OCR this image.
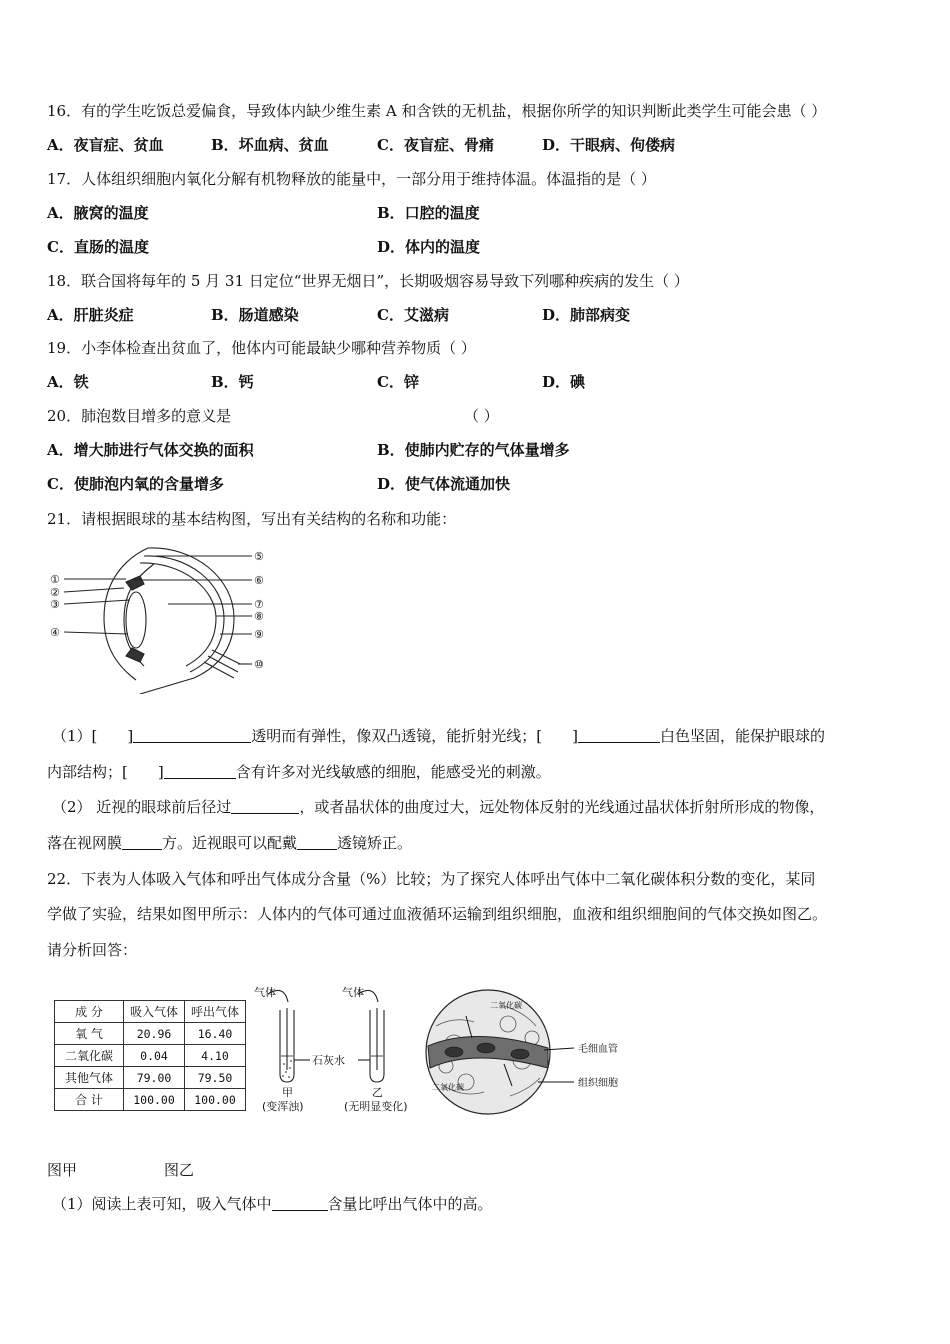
16．有的学生吃饭总爱偏食，导致体内缺少维生素 A 和含铁的无机盐，根据你所学的知识判断此类学生可能会患（ ）
A．夜盲症、贫血	B．坏血病、贫血	C．夜盲症、骨痛	D．干眼病、佝偻病
17．人体组织细胞内氧化分解有机物释放的能量中，一部分用于维持体温。体温指的是（ ）
A．腋窝的温度	B．口腔的温度
C．直肠的温度	D．体内的温度
18．联合国将每年的 5 月 31 日定位“世界无烟日”，长期吸烟容易导致下列哪种疾病的发生（ ）
A．肝脏炎症	B．肠道感染	C．艾滋病	D．肺部病变
19．小李体检查出贫血了，他体内可能最缺少哪种营养物质（ ）
A．铁	B．钙	C．锌	D．碘
20．肺泡数目增多的意义是	（ ）
A．增大肺进行气体交换的面积	B．使肺内贮存的气体量增多
C．使肺泡内氧的含量增多	D．使气体流通加快
21．请根据眼球的基本结构图，写出有关结构的名称和功能：
①
②
③
④
⑤
⑥
⑦
⑧
⑨
⑩
（1）[ ]	透明而有弹性，像双凸透镜，能折射光线；[ ]	白色坚固，能保护眼球的
内部结构；[ ]	含有许多对光线敏感的细胞，能感受光的刺激。
（2） 近视的眼球前后径过	，或者晶状体的曲度过大，远处物体反射的光线通过晶状体折射所形成的物像，
落在视网膜	方。近视眼可以配戴	透镜矫正。
22．下表为人体吸入气体和呼出气体成分含量（%）比较；为了探究人体呼出气体中二氧化碳体积分数的变化，某同
学做了实验，结果如图甲所示：人体内的气体可通过血液循环运输到组织细胞，血液和组织细胞间的气体交换如图乙。
请分析回答：
成 分	吸入气体	呼出气体
氧 气	20.96	16.40
二氧化碳	0.04	4.10
其他气体	79.00	79.50
合 计	100.00	100.00
气体	气体
石灰水
甲
(变浑浊)
乙
(无明显变化)
毛细血管
组织细胞
二氧化碳
二氧化碳
图甲	图乙
（1）阅读上表可知，吸入气体中	含量比呼出气体中的高。
